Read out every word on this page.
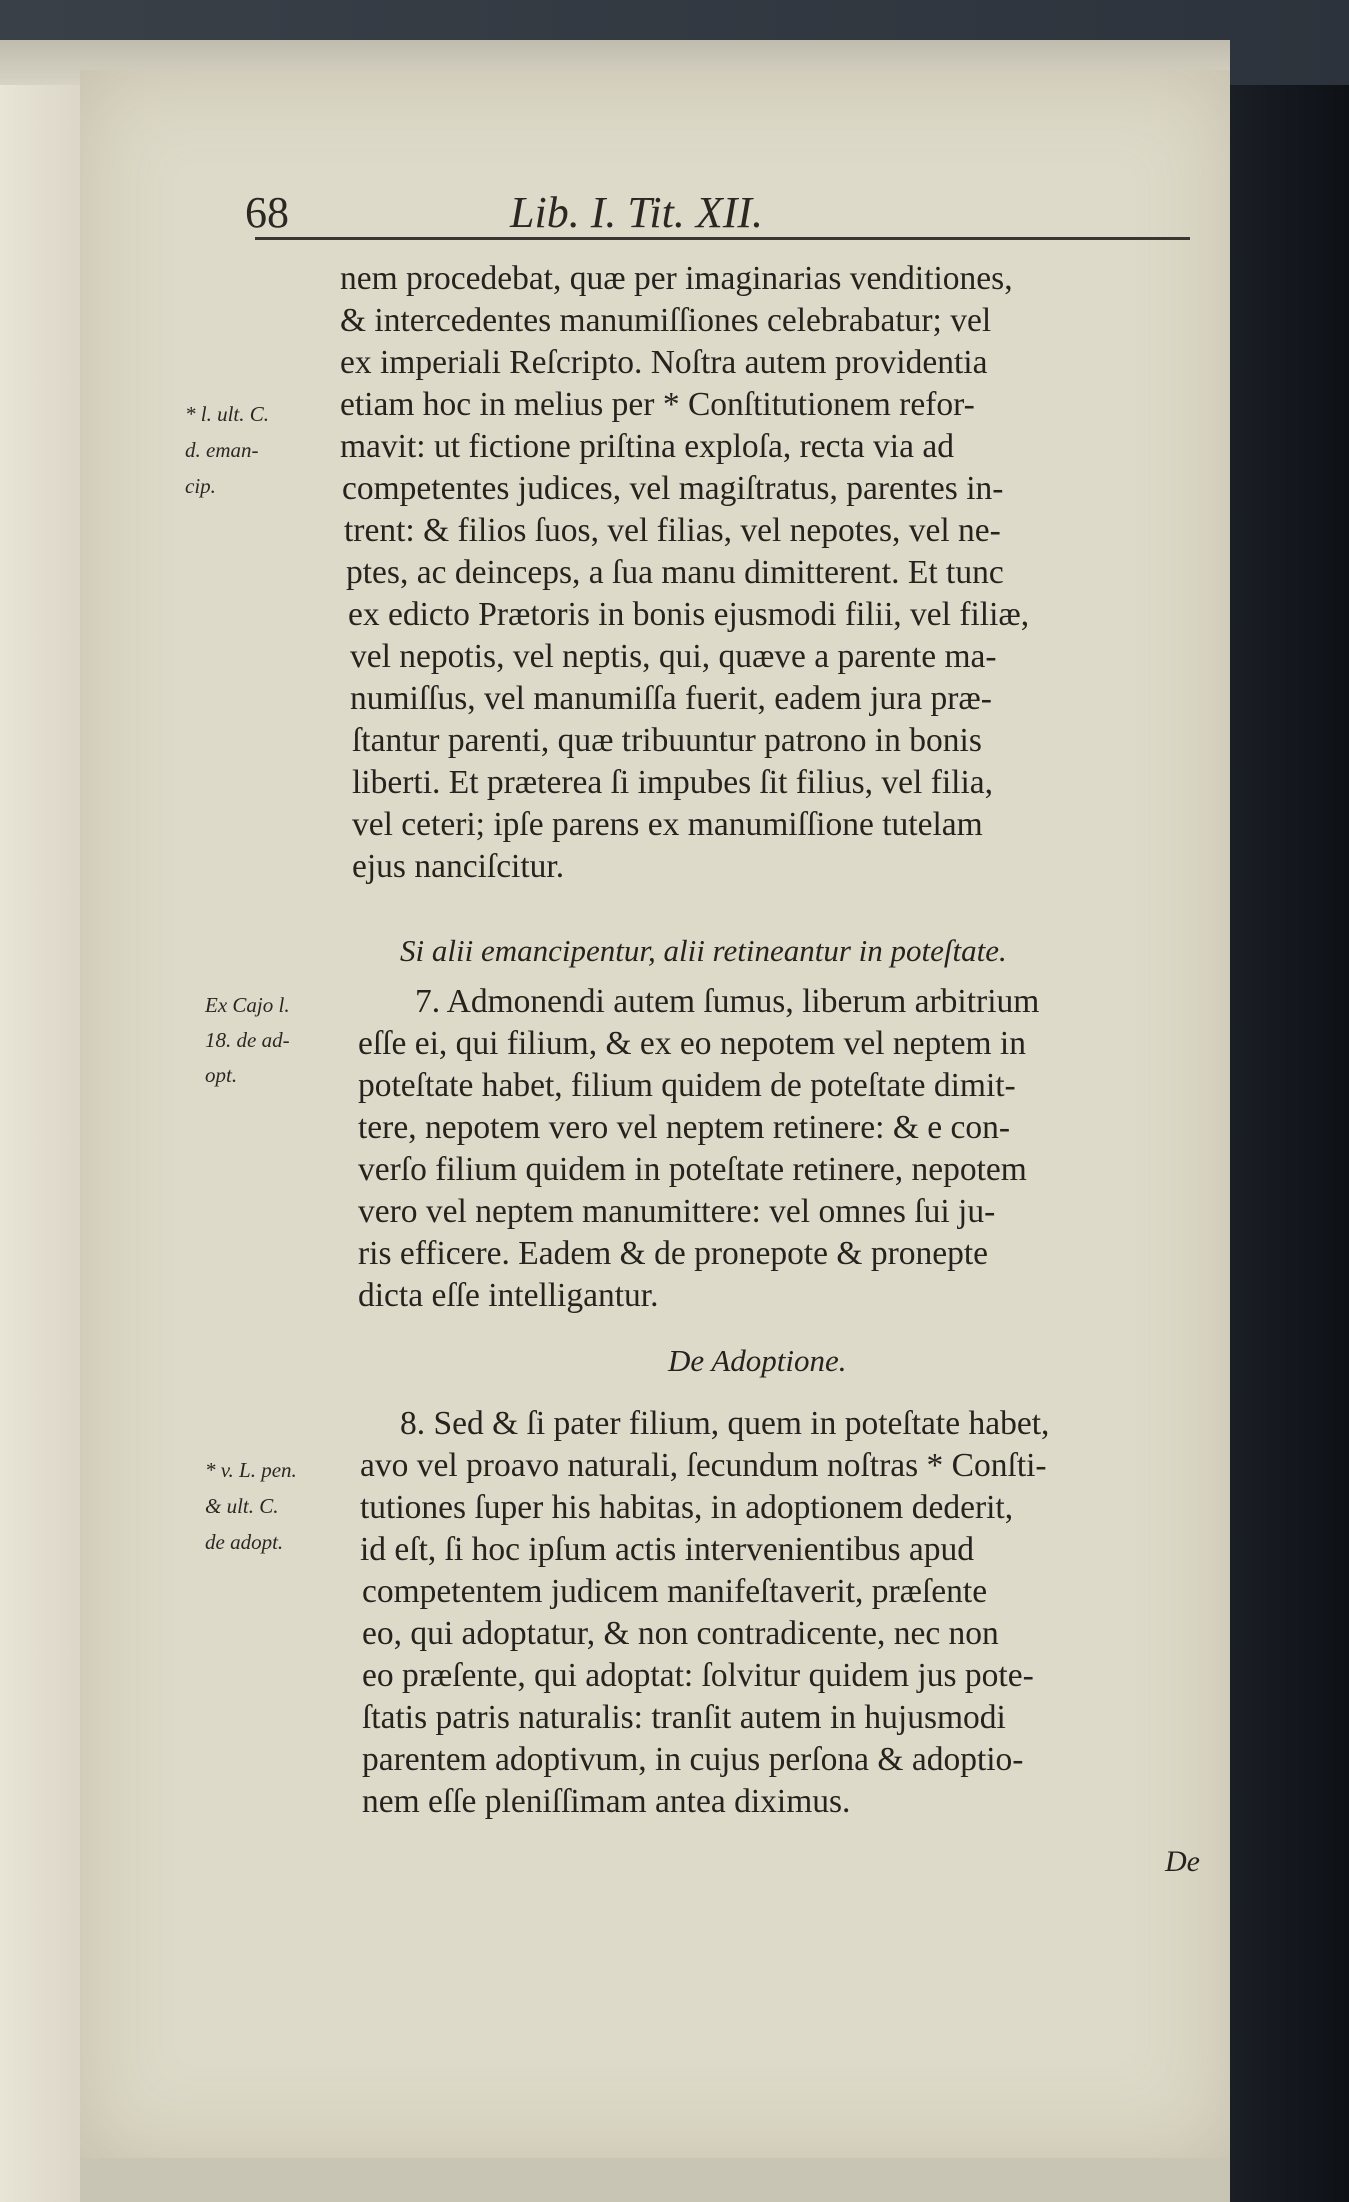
68	Lib. I. Tit. XII.
nem procedebat, quæ per imaginarias venditiones,
& intercedentes manumiſſiones celebrabatur; vel
ex imperiali Reſcripto. Noſtra autem providentia
etiam hoc in melius per * Conſtitutionem refor-
mavit: ut fictione priſtina exploſa, recta via ad
competentes judices, vel magiſtratus, parentes in-
trent: & filios ſuos, vel filias, vel nepotes, vel ne-
ptes, ac deinceps, a ſua manu dimitterent. Et tunc
ex edicto Prætoris in bonis ejusmodi filii, vel filiæ,
vel nepotis, vel neptis, qui, quæve a parente ma-
numiſſus, vel manumiſſa fuerit, eadem jura præ-
ſtantur parenti, quæ tribuuntur patrono in bonis
liberti. Et præterea ſi impubes ſit filius, vel filia,
vel ceteri; ipſe parens ex manumiſſione tutelam
ejus nanciſcitur.
Si alii emancipentur, alii retineantur in poteſtate.
7. Admonendi autem ſumus, liberum arbitrium
eſſe ei, qui filium, & ex eo nepotem vel neptem in
poteſtate habet, filium quidem de poteſtate dimit-
tere, nepotem vero vel neptem retinere: & e con-
verſo filium quidem in poteſtate retinere, nepotem
vero vel neptem manumittere: vel omnes ſui ju-
ris efficere. Eadem & de pronepote & pronepte
dicta eſſe intelligantur.
De Adoptione.
8. Sed & ſi pater filium, quem in poteſtate habet,
avo vel proavo naturali, ſecundum noſtras * Conſti-
tutiones ſuper his habitas, in adoptionem dederit,
id eſt, ſi hoc ipſum actis intervenientibus apud
competentem judicem manifeſtaverit, præſente
eo, qui adoptatur, & non contradicente, nec non
eo præſente, qui adoptat: ſolvitur quidem jus pote-
ſtatis patris naturalis: tranſit autem in hujusmodi
parentem adoptivum, in cujus perſona & adoptio-
nem eſſe pleniſſimam antea diximus.
* l. ult. C.
d. eman-
cip.
Ex Cajo l.
18. de ad-
opt.
* v. L. pen.
& ult. C.
de adopt.
De
